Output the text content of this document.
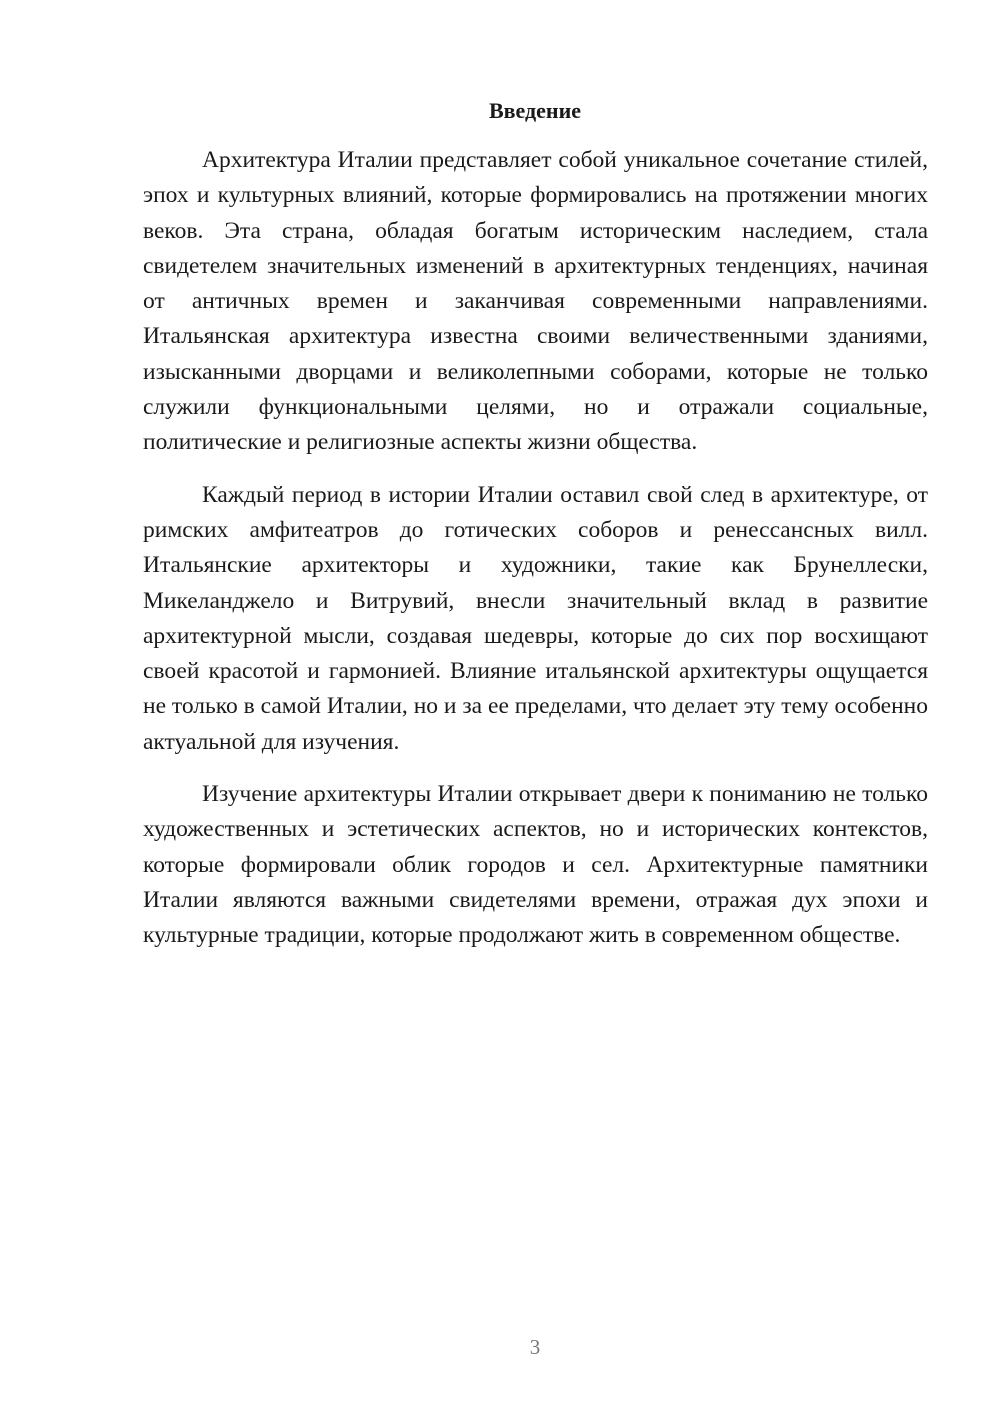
Введение

Архитектура Италии представляет собой уникальное сочетание стилей, эпох и культурных влияний, которые формировались на протяжении многих веков. Эта страна, обладая богатым историческим наследием, стала свидетелем значительных изменений в архитектурных тенденциях, начиная от античных времен и заканчивая современными направлениями. Итальянская архитектура известна своими величественными зданиями, изысканными дворцами и великолепными соборами, которые не только служили функциональными целями, но и отражали социальные, политические и религиозные аспекты жизни общества.

Каждый период в истории Италии оставил свой след в архитектуре, от римских амфитеатров до готических соборов и ренессансных вилл. Итальянские архитекторы и художники, такие как Брунеллески, Микеланджело и Витрувий, внесли значительный вклад в развитие архитектурной мысли, создавая шедевры, которые до сих пор восхищают своей красотой и гармонией. Влияние итальянской архитектуры ощущается не только в самой Италии, но и за ее пределами, что делает эту тему особенно актуальной для изучения.

Изучение архитектуры Италии открывает двери к пониманию не только художественных и эстетических аспектов, но и исторических контекстов, которые формировали облик городов и сел. Архитектурные памятники Италии являются важными свидетелями времени, отражая дух эпохи и культурные традиции, которые продолжают жить в современном обществе.

3
